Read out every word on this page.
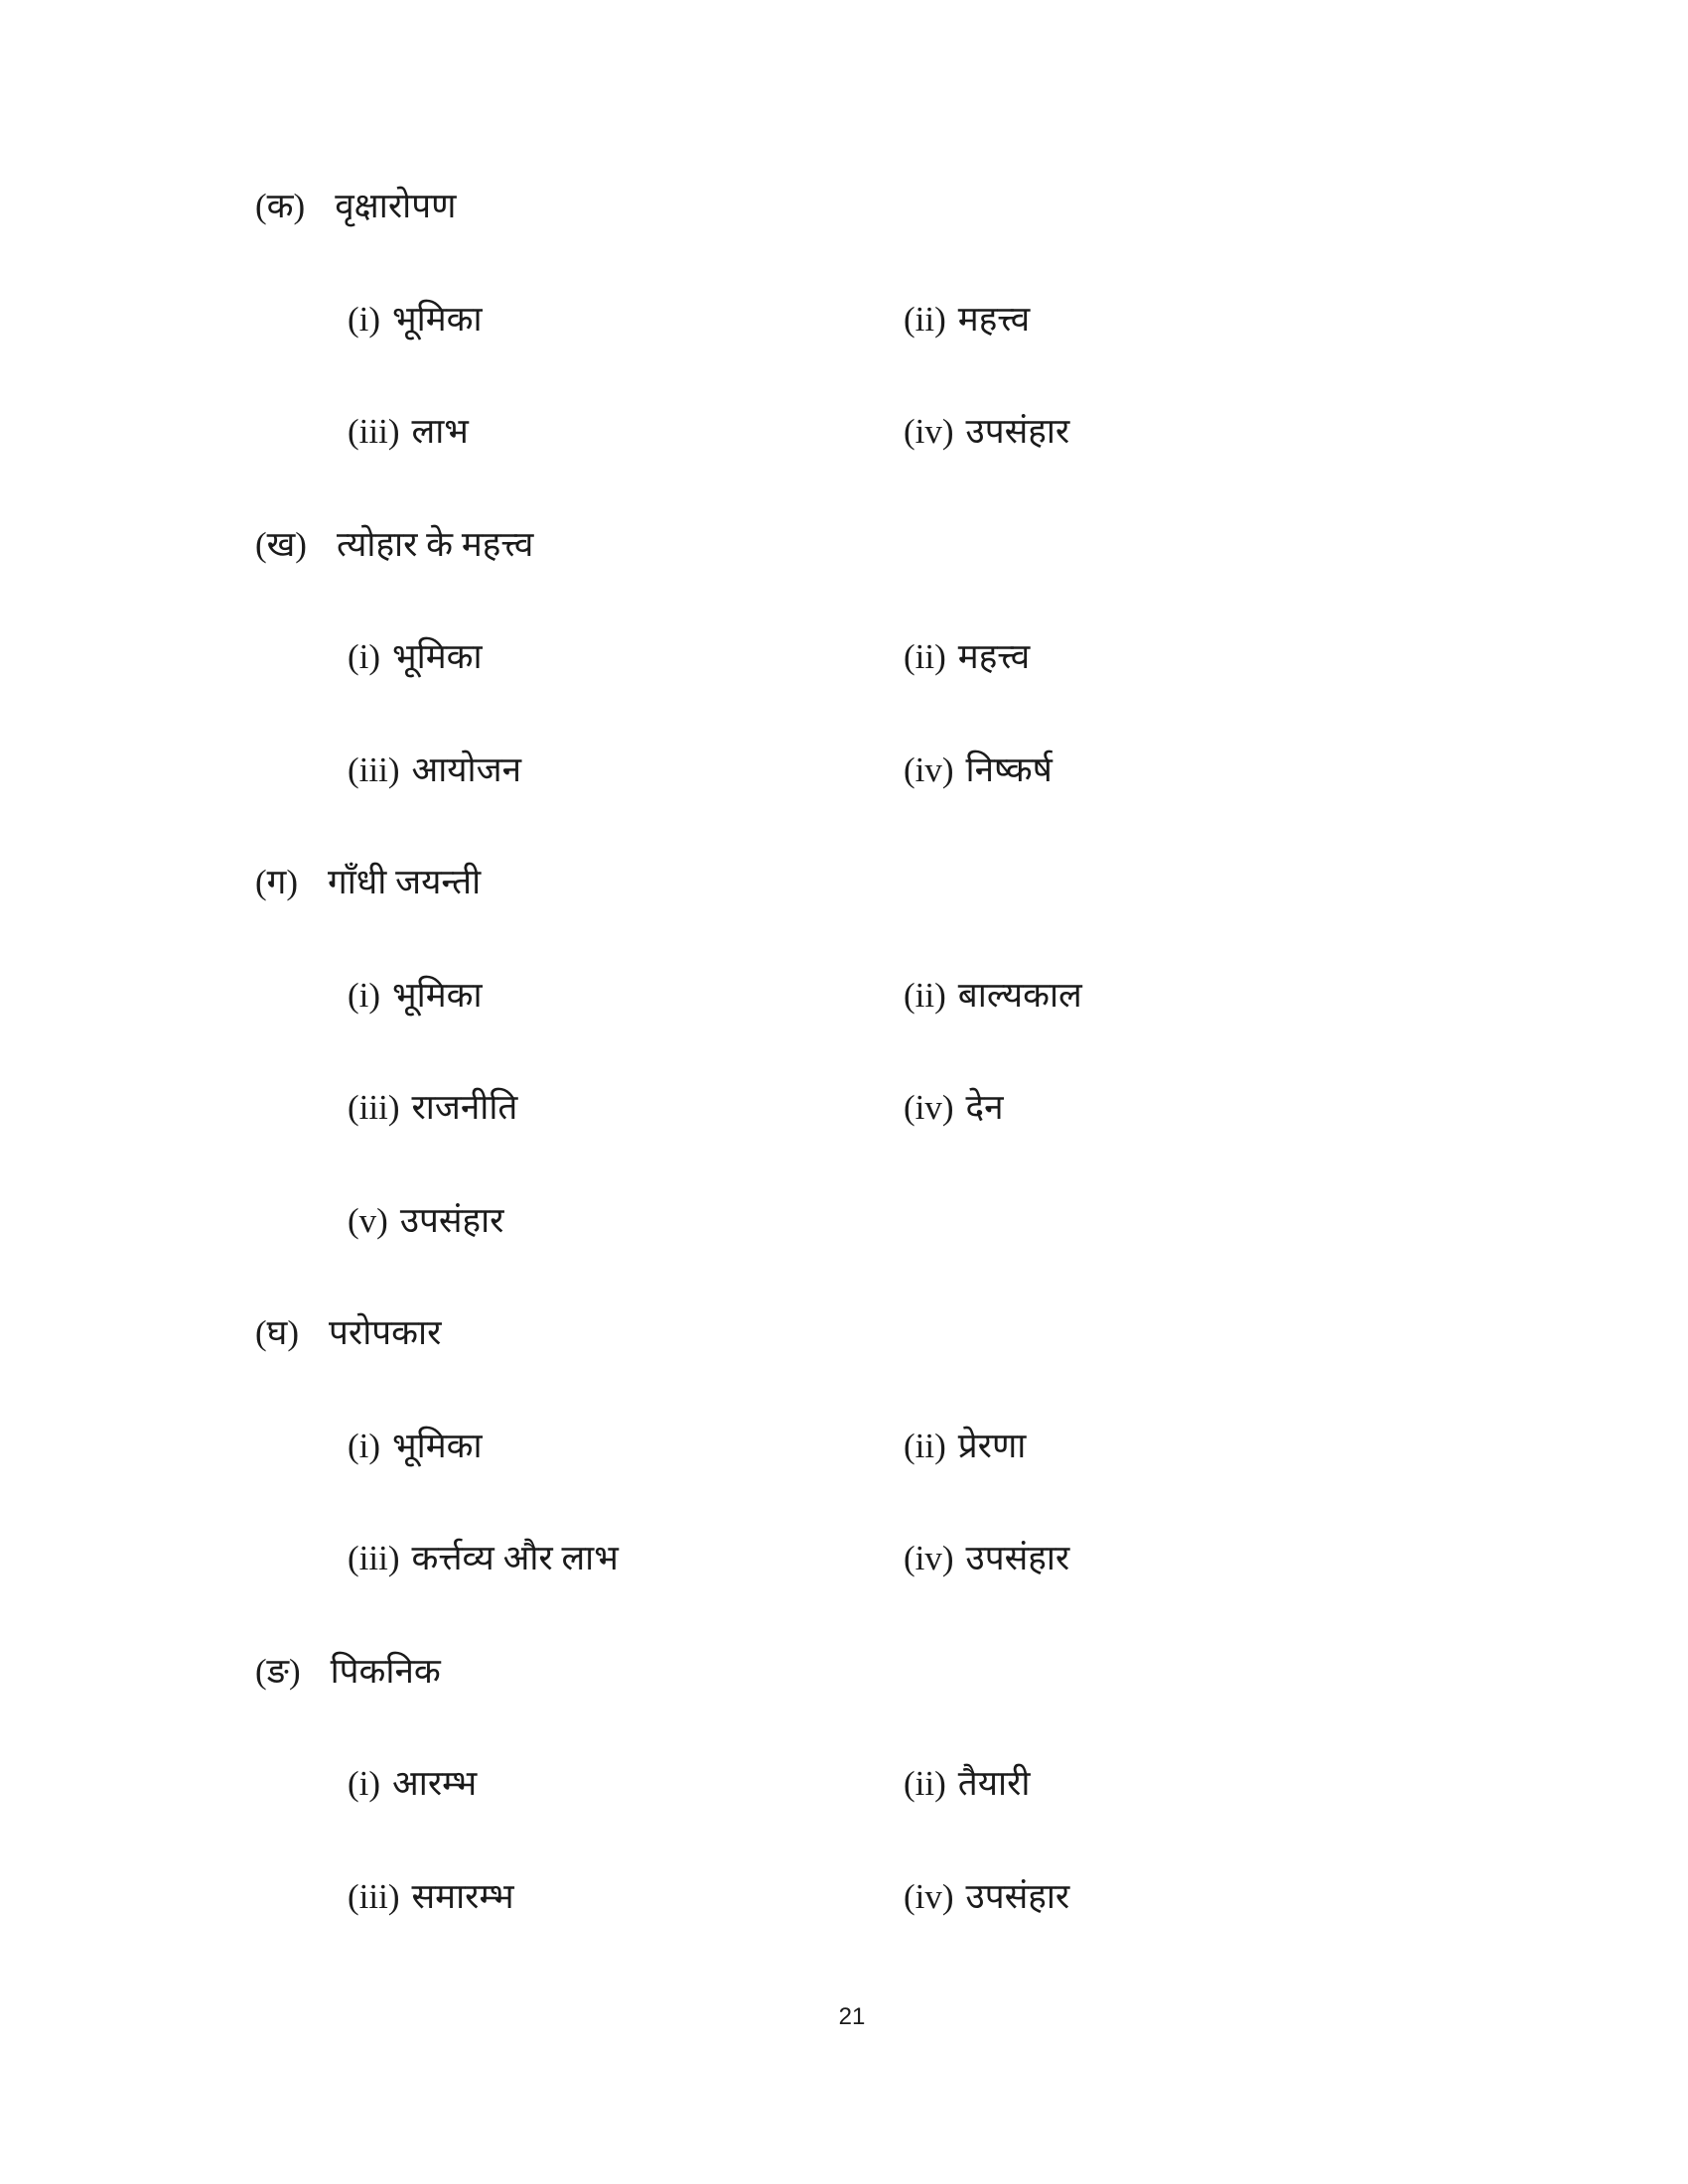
(क) वृक्षारोपण
(i) भूमिका	(ii) महत्त्व
(iii) लाभ	(iv) उपसंहार
(ख) त्योहार के महत्त्व
(i) भूमिका	(ii) महत्त्व
(iii) आयोजन	(iv) निष्कर्ष
(ग) गाँधी जयन्ती
(i) भूमिका	(ii) बाल्यकाल
(iii) राजनीति	(iv) देन
(v) उपसंहार
(घ) परोपकार
(i) भूमिका	(ii) प्रेरणा
(iii) कर्त्तव्य और लाभ	(iv) उपसंहार
(ङ) पिकनिक
(i) आरम्भ	(ii) तैयारी
(iii) समारम्भ	(iv) उपसंहार
21
